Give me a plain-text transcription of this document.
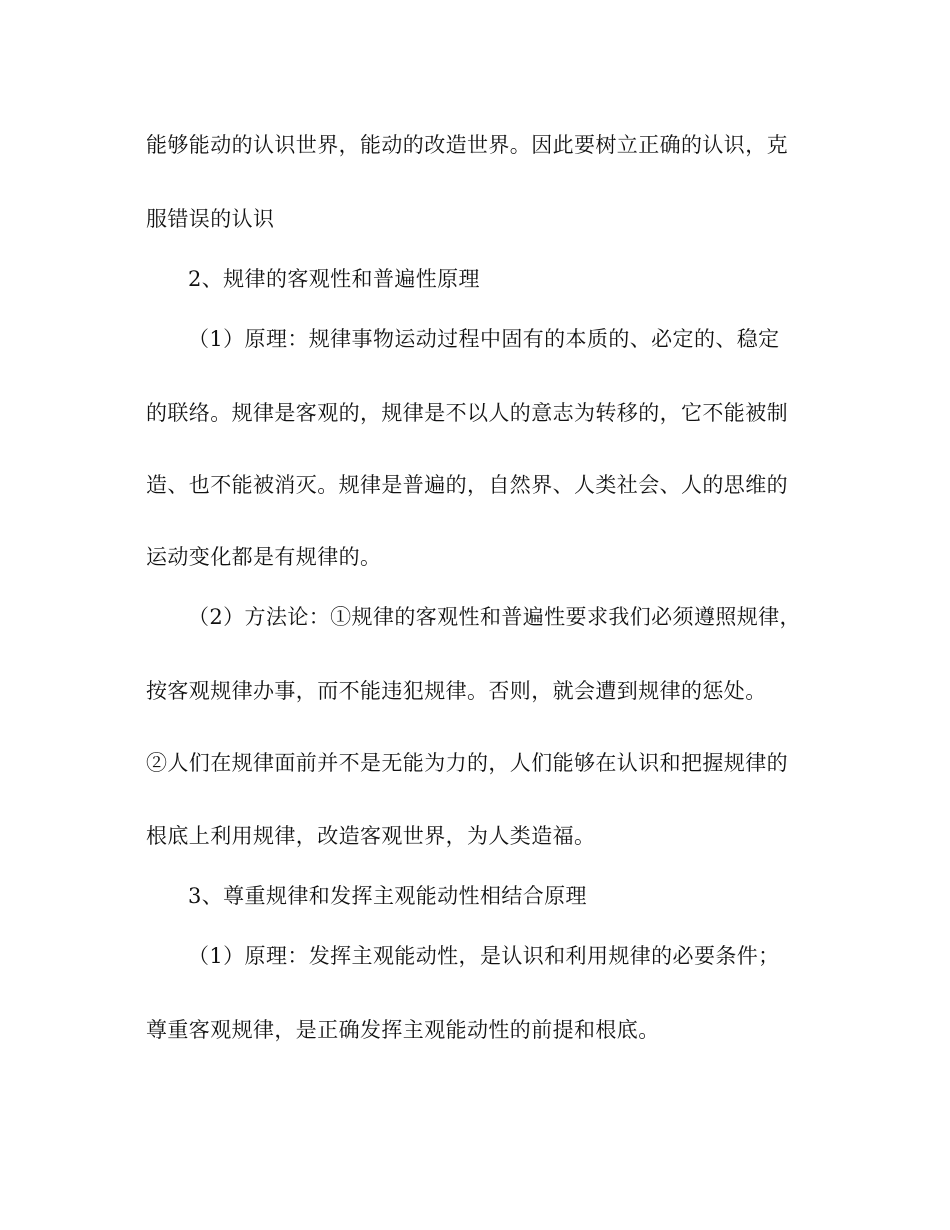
能够能动的认识世界，能动的改造世界。因此要树立正确的认识，克
服错误的认识
2、规律的客观性和普遍性原理
（1）原理：规律事物运动过程中固有的本质的、必定的、稳定
的联络。规律是客观的，规律是不以人的意志为转移的，它不能被制
造、也不能被消灭。规律是普遍的，自然界、人类社会、人的思维的
运动变化都是有规律的。
（2）方法论：①规律的客观性和普遍性要求我们必须遵照规律，
按客观规律办事，而不能违犯规律。否则，就会遭到规律的惩处。
②人们在规律面前并不是无能为力的，人们能够在认识和把握规律的
根底上利用规律，改造客观世界，为人类造福。
3、尊重规律和发挥主观能动性相结合原理
（1）原理：发挥主观能动性，是认识和利用规律的必要条件；
尊重客观规律，是正确发挥主观能动性的前提和根底。
